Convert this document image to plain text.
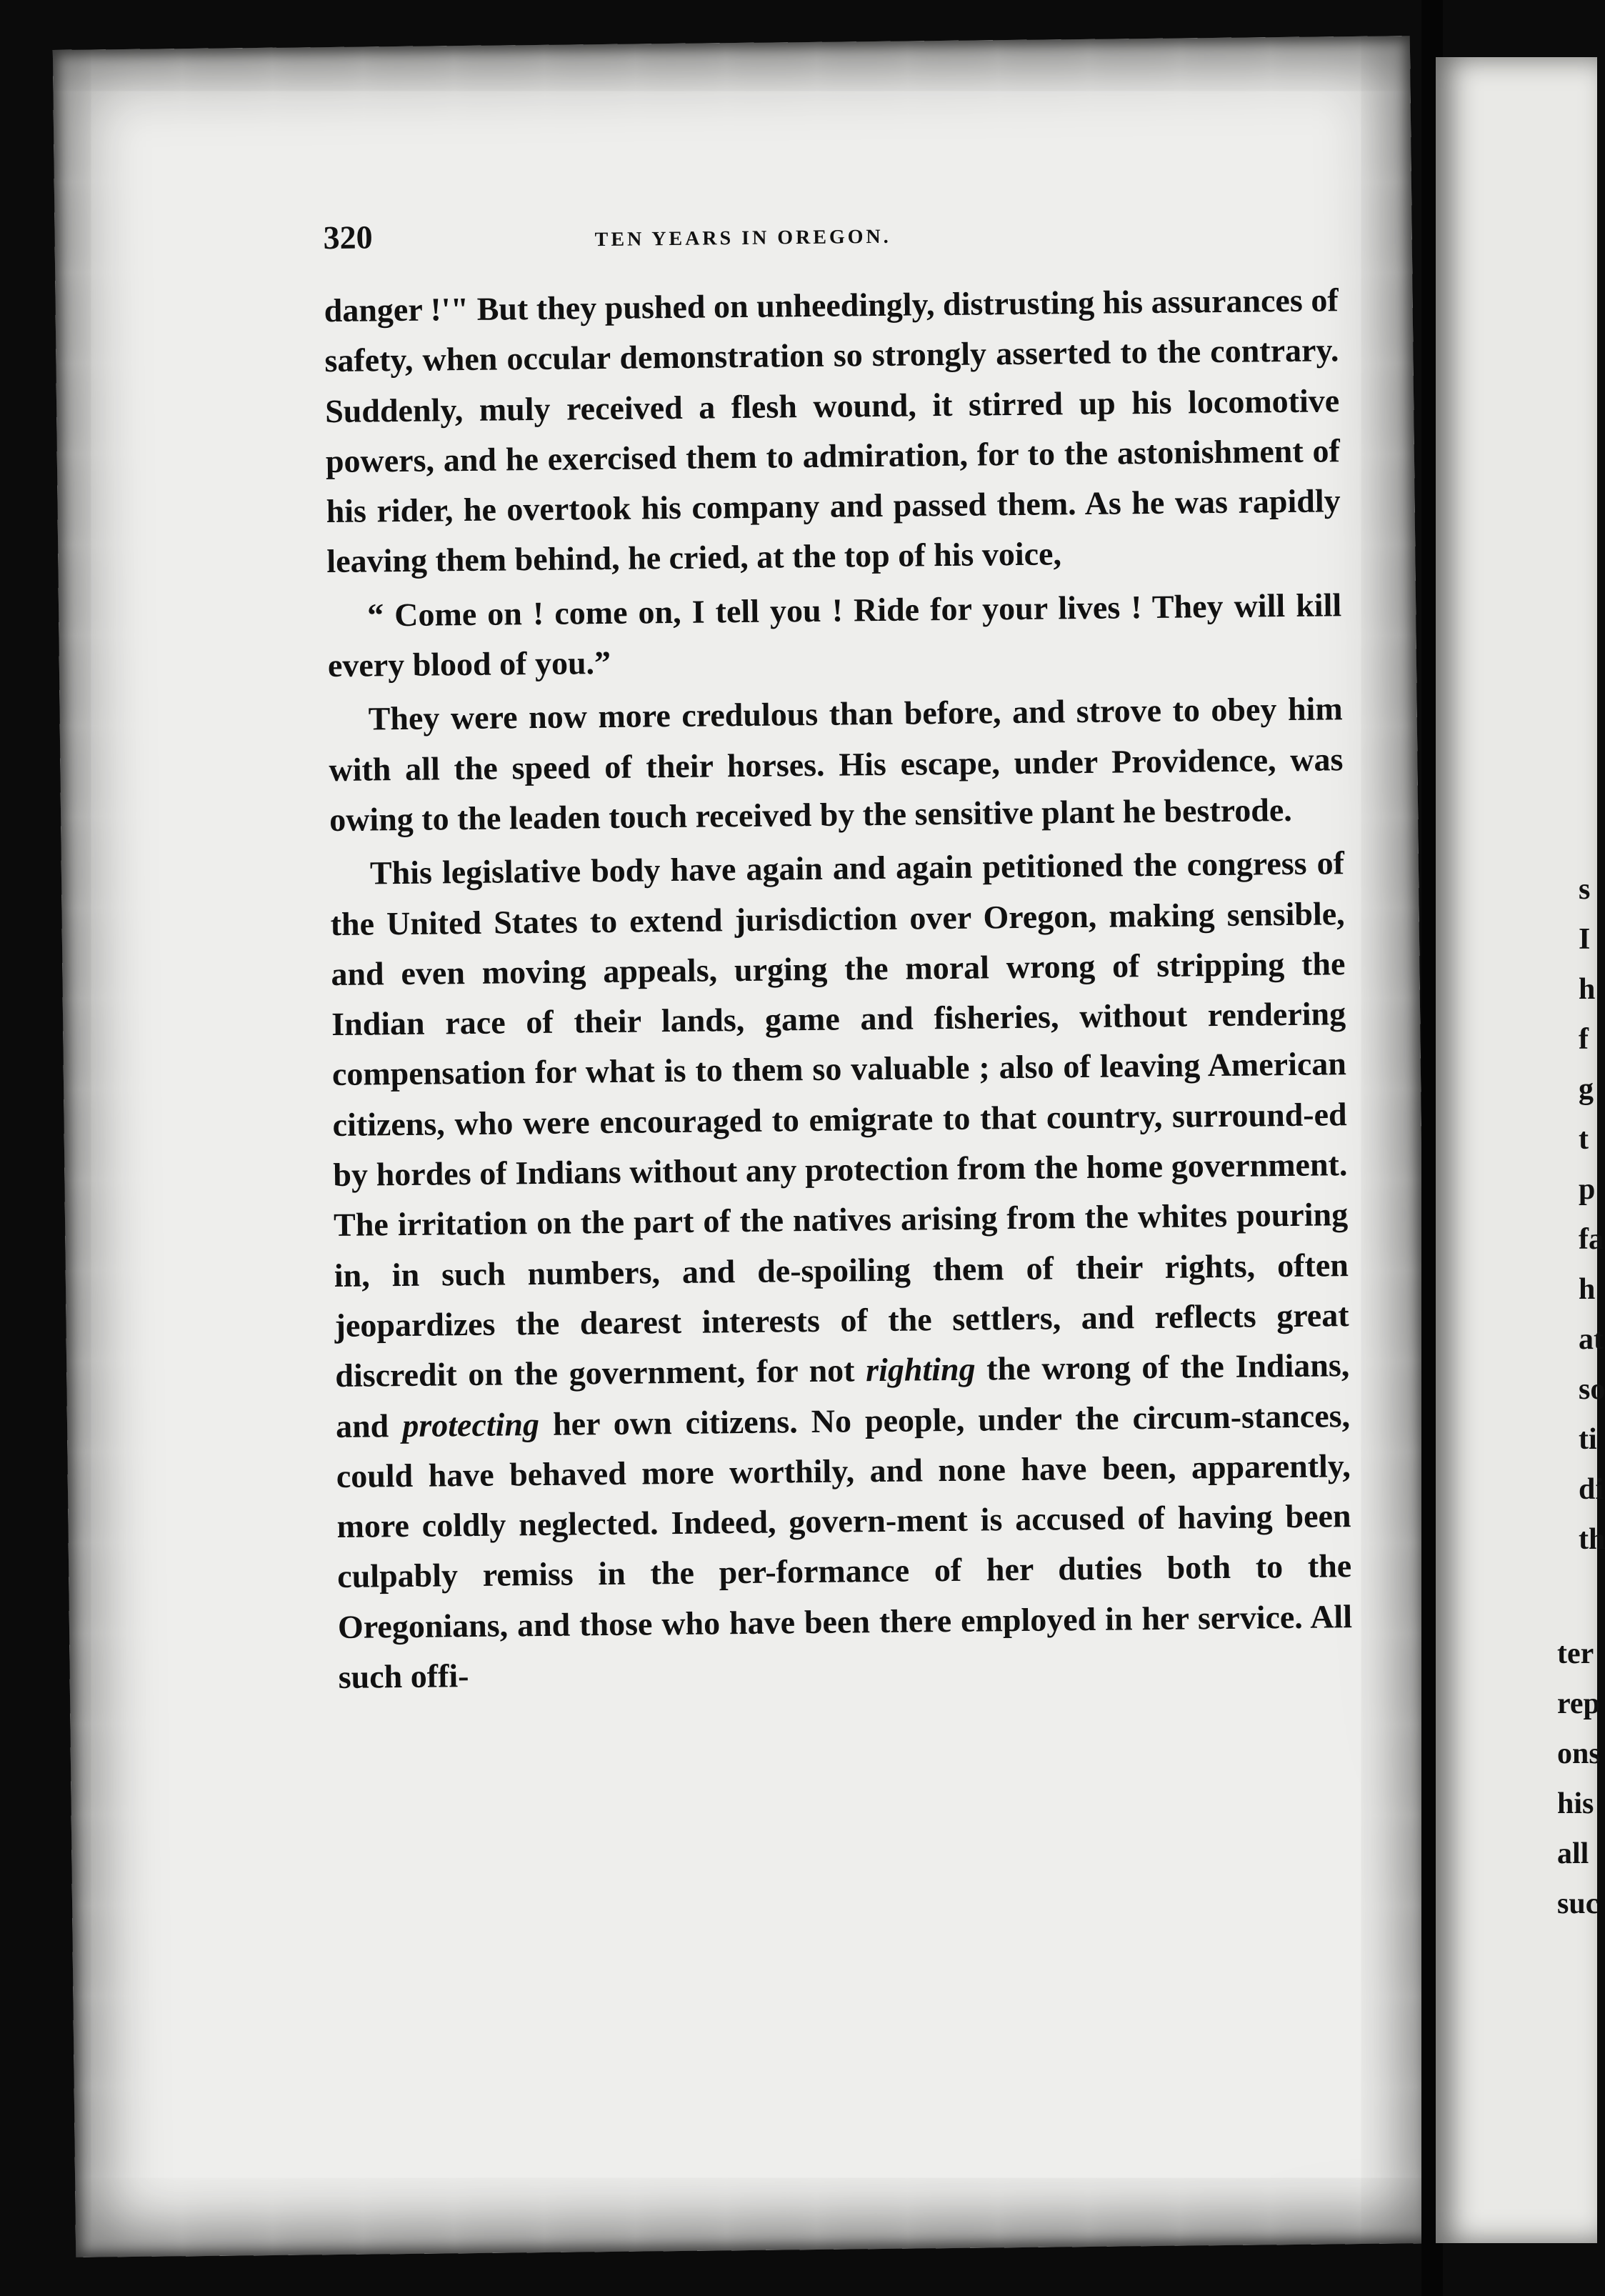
320	TEN YEARS IN OREGON.

danger !'" But they pushed on unheedingly, distrusting his assurances of safety, when occular demonstration so strongly asserted to the contrary. Suddenly, muly received a flesh wound, it stirred up his locomotive powers, and he exercised them to admiration, for to the astonishment of his rider, he overtook his company and passed them. As he was rapidly leaving them behind, he cried, at the top of his voice,

“ Come on ! come on, I tell you ! Ride for your lives ! They will kill every blood of you.”

They were now more credulous than before, and strove to obey him with all the speed of their horses. His escape, under Providence, was owing to the leaden touch received by the sensitive plant he bestrode.

This legislative body have again and again petitioned the congress of the United States to extend jurisdiction over Oregon, making sensible, and even moving appeals, urging the moral wrong of stripping the Indian race of their lands, game and fisheries, without rendering compensation for what is to them so valuable ; also of leaving American citizens, who were encouraged to emigrate to that country, surround-ed by hordes of Indians without any protection from the home government. The irritation on the part of the natives arising from the whites pouring in, in such numbers, and de-spoiling them of their rights, often jeopardizes the dearest interests of the settlers, and reflects great discredit on the government, for not righting the wrong of the Indians, and protecting her own citizens. No people, under the circum-stances, could have behaved more worthily, and none have been, apparently, more coldly neglected. Indeed, govern-ment is accused of having been culpably remiss in the per-formance of her duties both to the Oregonians, and those who have been there employed in her service. All such offi-

s
I
h
f
g
t
p
fa
h
at
so
ti
di
th
ter
rep
ons
his
all
suc
